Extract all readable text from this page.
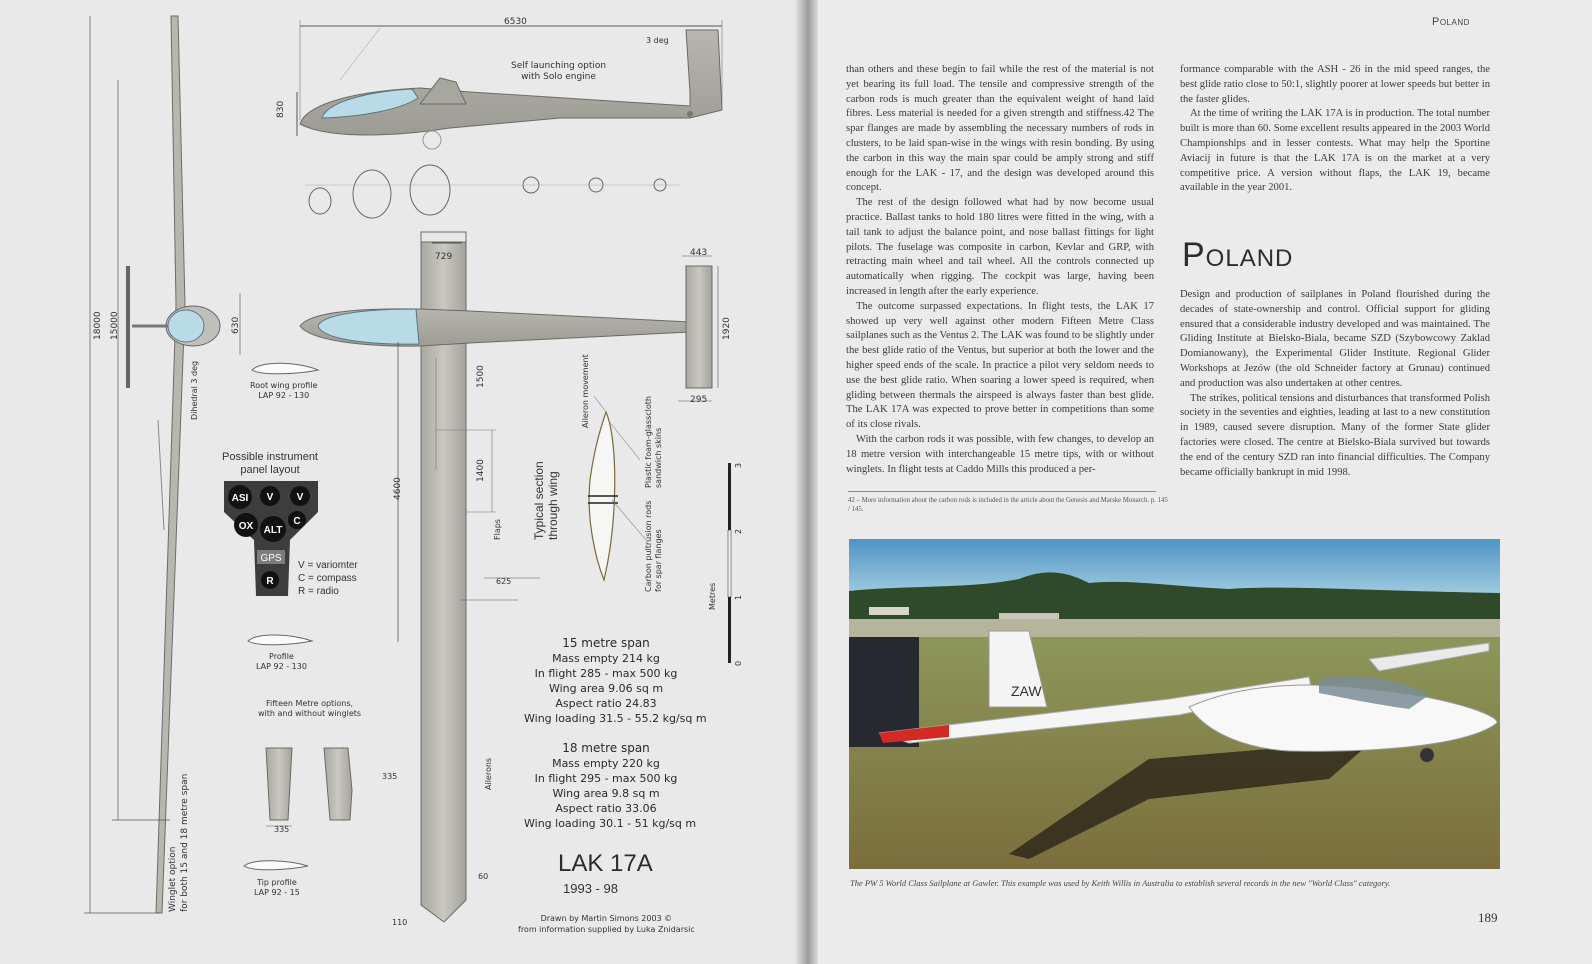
ASI V V
OX ALT
C
GPS
R
6530
3 deg
Self launching option
with Solo engine
830
18000 15000	630
729	443
1920
295
1500
1400
4600
625
335
335
110
60
Dihedral 3 deg	Root wing profile
LAP 92 - 130
Profile
LAP 92 - 130
Fifteen Metre options,
with and without winglets
Tip profile
LAP 92 - 15
Winglet option for both 15 and 18 metre span
Aileron movement
Typical section through wing
Plastic foam-glasscloth sandwich skins
Carbon pultrusion rods for spar flanges
Flaps
Ailerons
Metres
0
1
2
3
Possible instrument
panel layout
V = variomter
C = compass
R = radio
15 metre span
Mass empty 214 kg
In flight 285 - max 500 kg
Wing area 9.06 sq m
Aspect ratio 24.83
Wing loading 31.5 - 55.2 kg/sq m
18 metre span
Mass empty 220 kg
In flight 295 - max 500 kg
Wing area 9.8 sq m
Aspect ratio 33.06
Wing loading 30.1 - 51 kg/sq m
LAK 17A
1993 - 98
Drawn by Martin Simons 2003 ©
from information supplied by Luka Znidarsic
Poland

than others and these begin to fail while the rest of the material is not yet bearing its full load. The tensile and compressive strength of the carbon rods is much greater than the equivalent weight of hand laid fibres. Less material is needed for a given strength and stiffness.42 The spar flanges are made by assembling the necessary numbers of rods in clusters, to be laid span-wise in the wings with resin bonding. By using the carbon in this way the main spar could be amply strong and stiff enough for the LAK - 17, and the design was developed around this concept.

The rest of the design followed what had by now become usual practice. Ballast tanks to hold 180 litres were fitted in the wing, with a tail tank to adjust the balance point, and nose ballast fittings for light pilots. The fuselage was composite in carbon, Kevlar and GRP, with retracting main wheel and tail wheel. All the controls connected up automatically when rigging. The cockpit was large, having been increased in length after the early experience.

The outcome surpassed expectations. In flight tests, the LAK 17 showed up very well against other modern Fifteen Metre Class sailplanes such as the Ventus 2. The LAK was found to be slightly under the best glide ratio of the Ventus, but superior at both the lower and the higher speed ends of the scale. In practice a pilot very seldom needs to use the best glide ratio. When soaring a lower speed is required, when gliding between thermals the airspeed is always faster than best glide. The LAK 17A was expected to prove better in competitions than some of its close rivals.

With the carbon rods it was possible, with few changes, to develop an 18 metre version with interchangeable 15 metre tips, with or without winglets. In flight tests at Caddo Mills this produced a per-

formance comparable with the ASH - 26 in the mid speed ranges, the best glide ratio close to 50:1, slightly poorer at lower speeds but better in the faster glides.

At the time of writing the LAK 17A is in production. The total number built is more than 60. Some excellent results appeared in the 2003 World Championships and in lesser contests. What may help the Sportine Aviacij in future is that the LAK 17A is on the market at a very competitive price. A version without flaps, the LAK 19, became available in the year 2001.

Poland

Design and production of sailplanes in Poland flourished during the decades of state-ownership and control. Official support for gliding ensured that a considerable industry developed and was maintained. The Gliding Institute at Bielsko-Biala, became SZD (Szybowcowy Zaklad Domianowany), the Experimental Glider Institute. Regional Glider Workshops at Jezów (the old Schneider factory at Grunau) continued and production was also undertaken at other centres.

The strikes, political tensions and disturbances that transformed Polish society in the seventies and eighties, leading at last to a new constitution in 1989, caused severe disruption. Many of the former State glider factories were closed. The centre at Bielsko-Biala survived but towards the end of the century SZD ran into financial difficulties. The Company became officially bankrupt in mid 1998.

42 – More information about the carbon rods is included in the article about the Genesis and Marske Monarch. p. 145 / 145.
ZAW
The PW 5 World Class Sailplane at Gawler. This example was used by Keith Willis in Australia to establish several records in the new "World Class" category.
189
